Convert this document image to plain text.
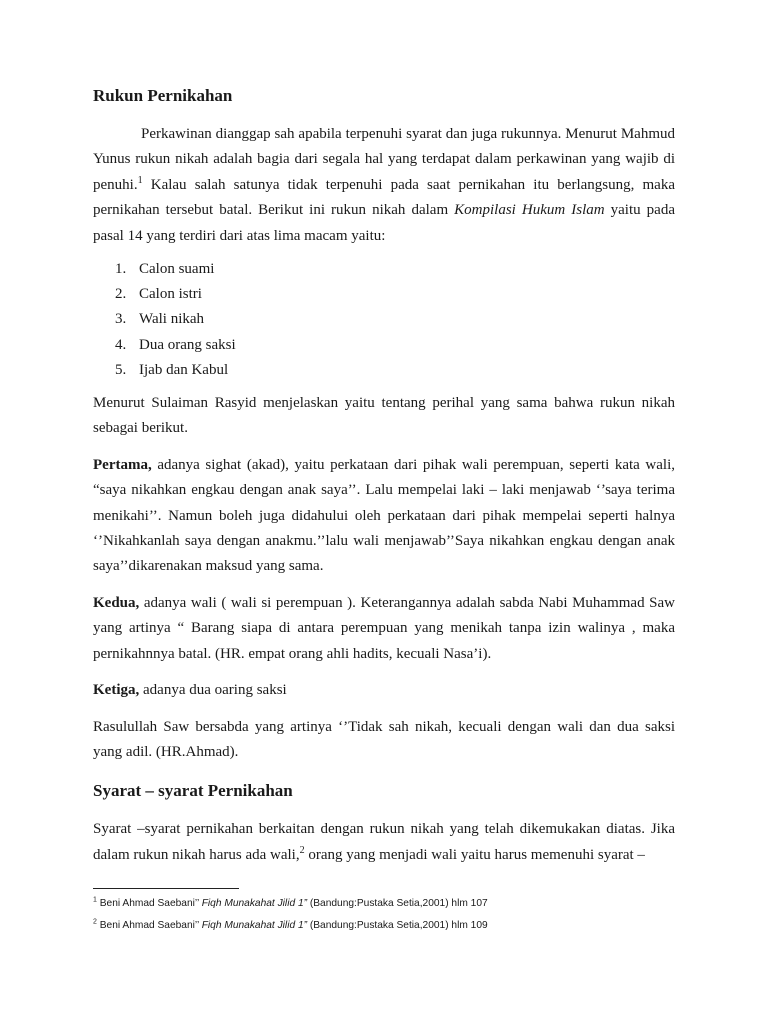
Rukun Pernikahan

Perkawinan dianggap sah apabila terpenuhi syarat dan juga rukunnya. Menurut Mahmud Yunus rukun nikah adalah bagia dari segala hal yang terdapat dalam perkawinan yang wajib di penuhi.$^1$ Kalau salah satunya tidak terpenuhi pada saat pernikahan itu berlangsung, maka pernikahan tersebut batal. Berikut ini rukun nikah dalam Kompilasi Hukum Islam yaitu pada pasal 14 yang terdiri dari atas lima macam yaitu:

1. Calon suami
2. Calon istri
3. Wali nikah
4. Dua orang saksi
5. Ijab dan Kabul

Menurut Sulaiman Rasyid menjelaskan yaitu tentang perihal yang sama bahwa rukun nikah sebagai berikut.

Pertama, adanya sighat (akad), yaitu perkataan dari pihak wali perempuan, seperti kata wali, “saya nikahkan engkau dengan anak saya’’. Lalu mempelai laki – laki menjawab ‘’saya terima menikahi’’. Namun boleh juga didahului oleh perkataan dari pihak mempelai seperti halnya ‘’Nikahkanlah saya dengan anakmu.’’lalu wali menjawab’’Saya nikahkan engkau dengan anak saya’’dikarenakan maksud yang sama.

Kedua, adanya wali ( wali si perempuan ). Keterangannya adalah sabda Nabi Muhammad Saw yang artinya “ Barang siapa di antara perempuan yang menikah tanpa izin walinya , maka pernikahnnya batal. (HR. empat orang ahli hadits, kecuali Nasa’i).

Ketiga, adanya dua oaring saksi

Rasulullah Saw bersabda yang artinya ‘’Tidak sah nikah, kecuali dengan wali dan dua saksi yang adil. (HR.Ahmad).

Syarat – syarat Pernikahan

Syarat –syarat pernikahan berkaitan dengan rukun nikah yang telah dikemukakan diatas. Jika dalam rukun nikah harus ada wali,$^2$ orang yang menjadi wali yaitu harus memenuhi syarat –

$^1$ Beni Ahmad Saebani’’ Fiqh Munakahat Jilid 1” (Bandung:Pustaka Setia,2001) hlm 107
$^2$ Beni Ahmad Saebani’’ Fiqh Munakahat Jilid 1” (Bandung:Pustaka Setia,2001) hlm 109
